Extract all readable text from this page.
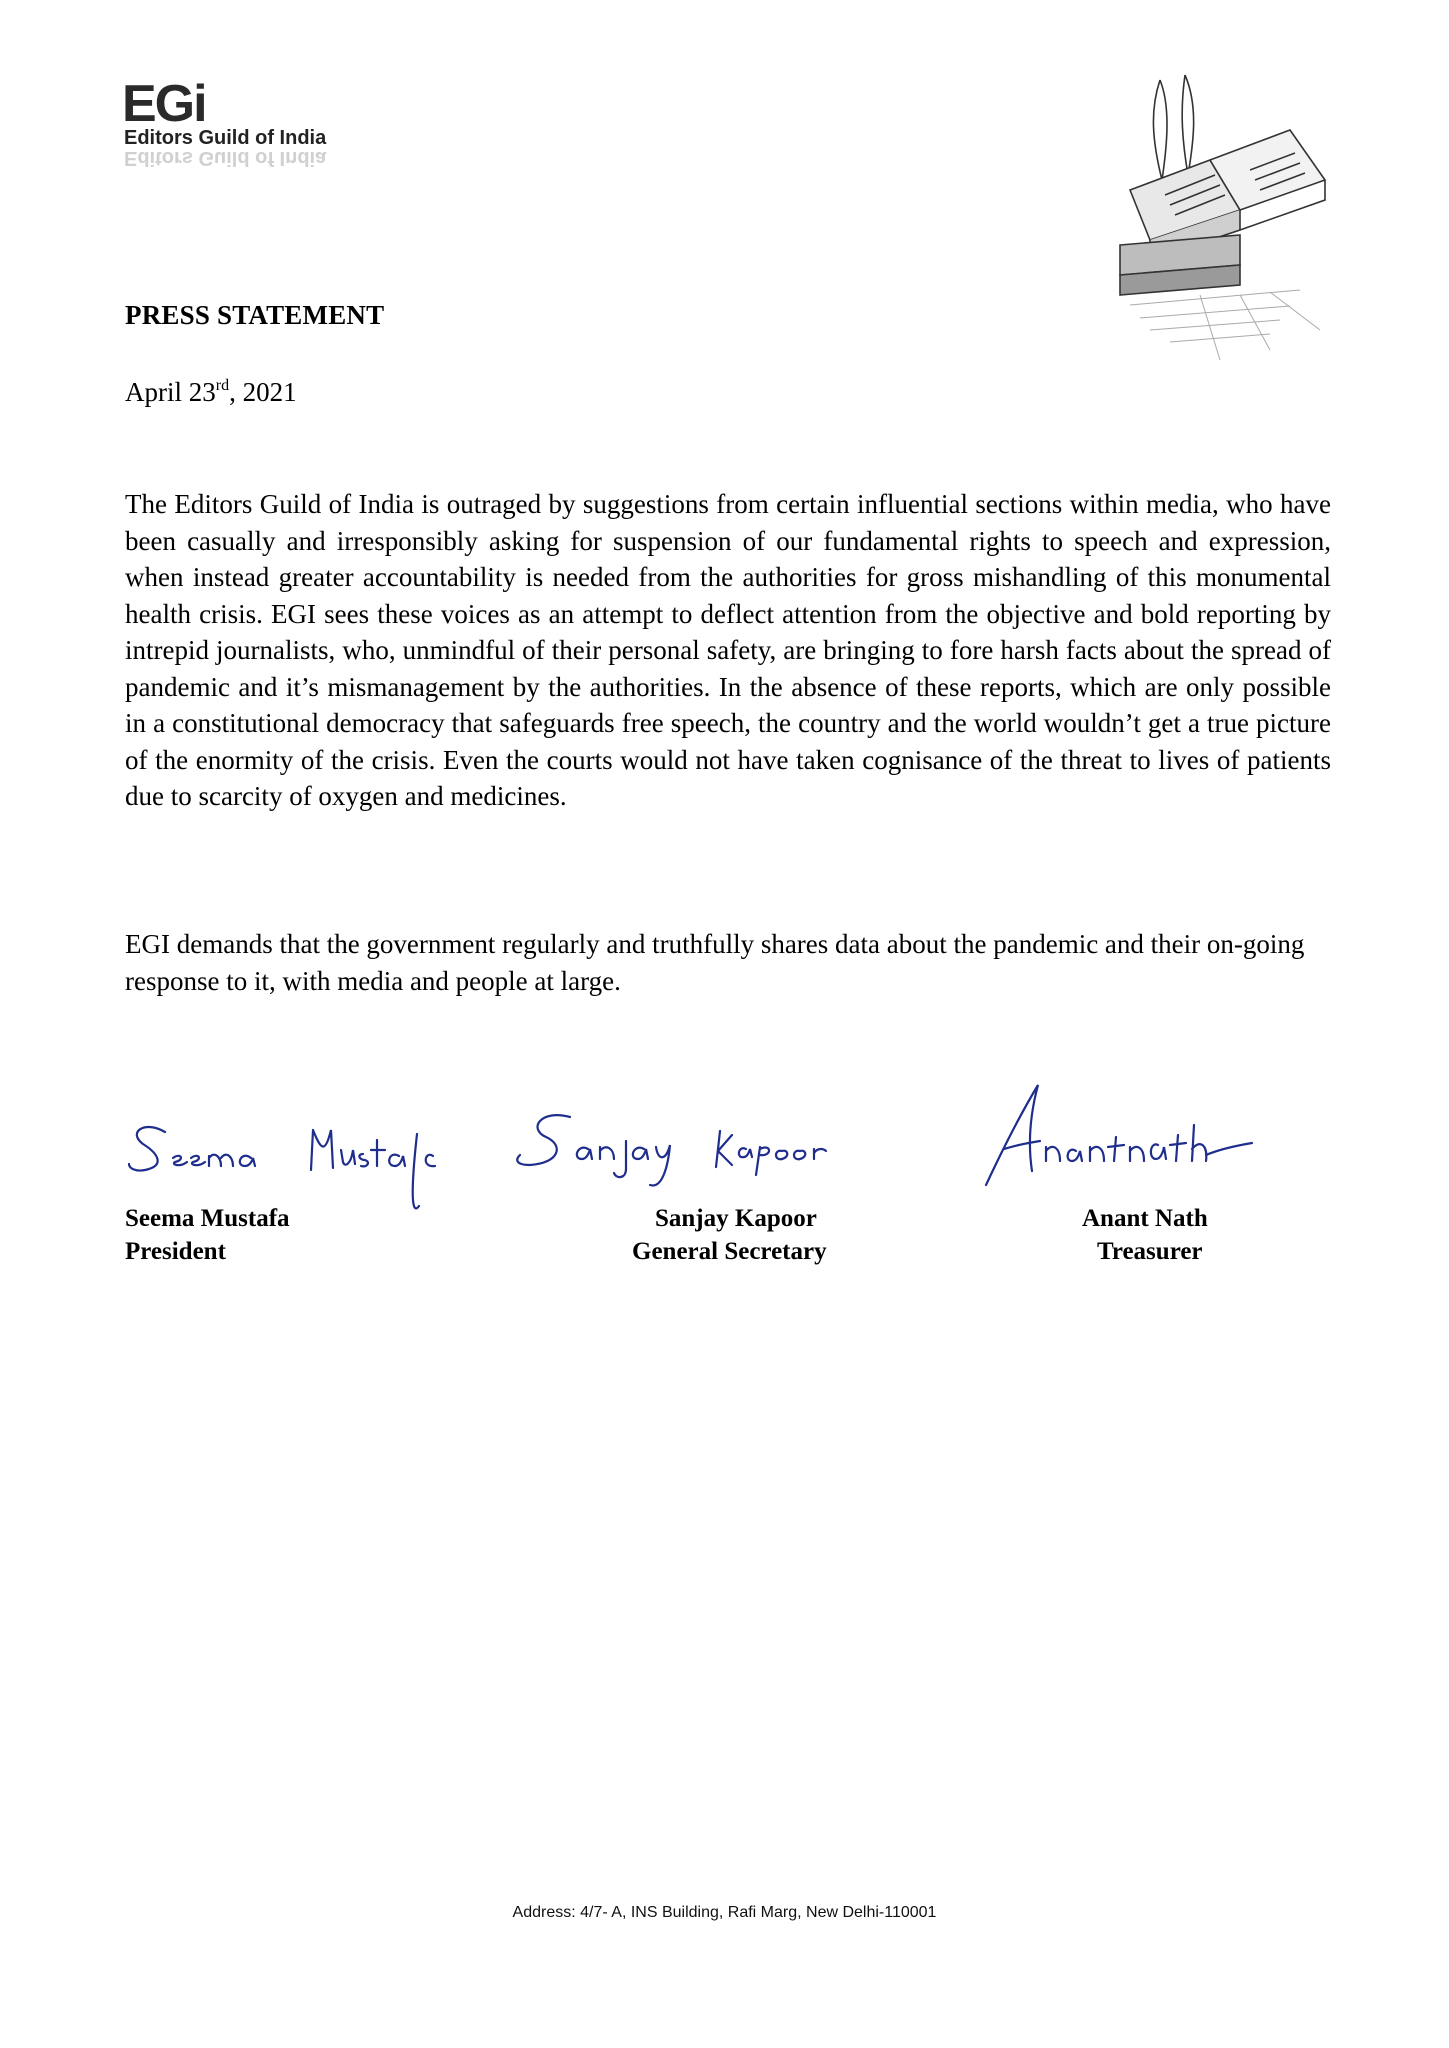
EGi
Editors Guild of India
Editors Guild of India
PRESS STATEMENT
April 23rd, 2021
The Editors Guild of India is outraged by suggestions from certain influential sections within media, who have been casually and irresponsibly asking for suspension of our fundamental rights to speech and expression, when instead greater accountability is needed from the authorities for gross mishandling of this monumental health crisis. EGI sees these voices as an attempt to deflect attention from the objective and bold reporting by intrepid journalists, who, unmindful of their personal safety, are bringing to fore harsh facts about the spread of pandemic and it’s mismanagement by the authorities. In the absence of these reports, which are only possible in a constitutional democracy that safeguards free speech, the country and the world wouldn’t get a true picture of the enormity of the crisis. Even the courts would not have taken cognisance of the threat to lives of patients due to scarcity of oxygen and medicines.
EGI demands that the government regularly and truthfully shares data about the pandemic and their on-going response to it, with media and people at large.
Seema Mustafa
President
Sanjay Kapoor
General Secretary
Anant Nath
Treasurer
Address: 4/7- A, INS Building, Rafi Marg, New Delhi-110001
